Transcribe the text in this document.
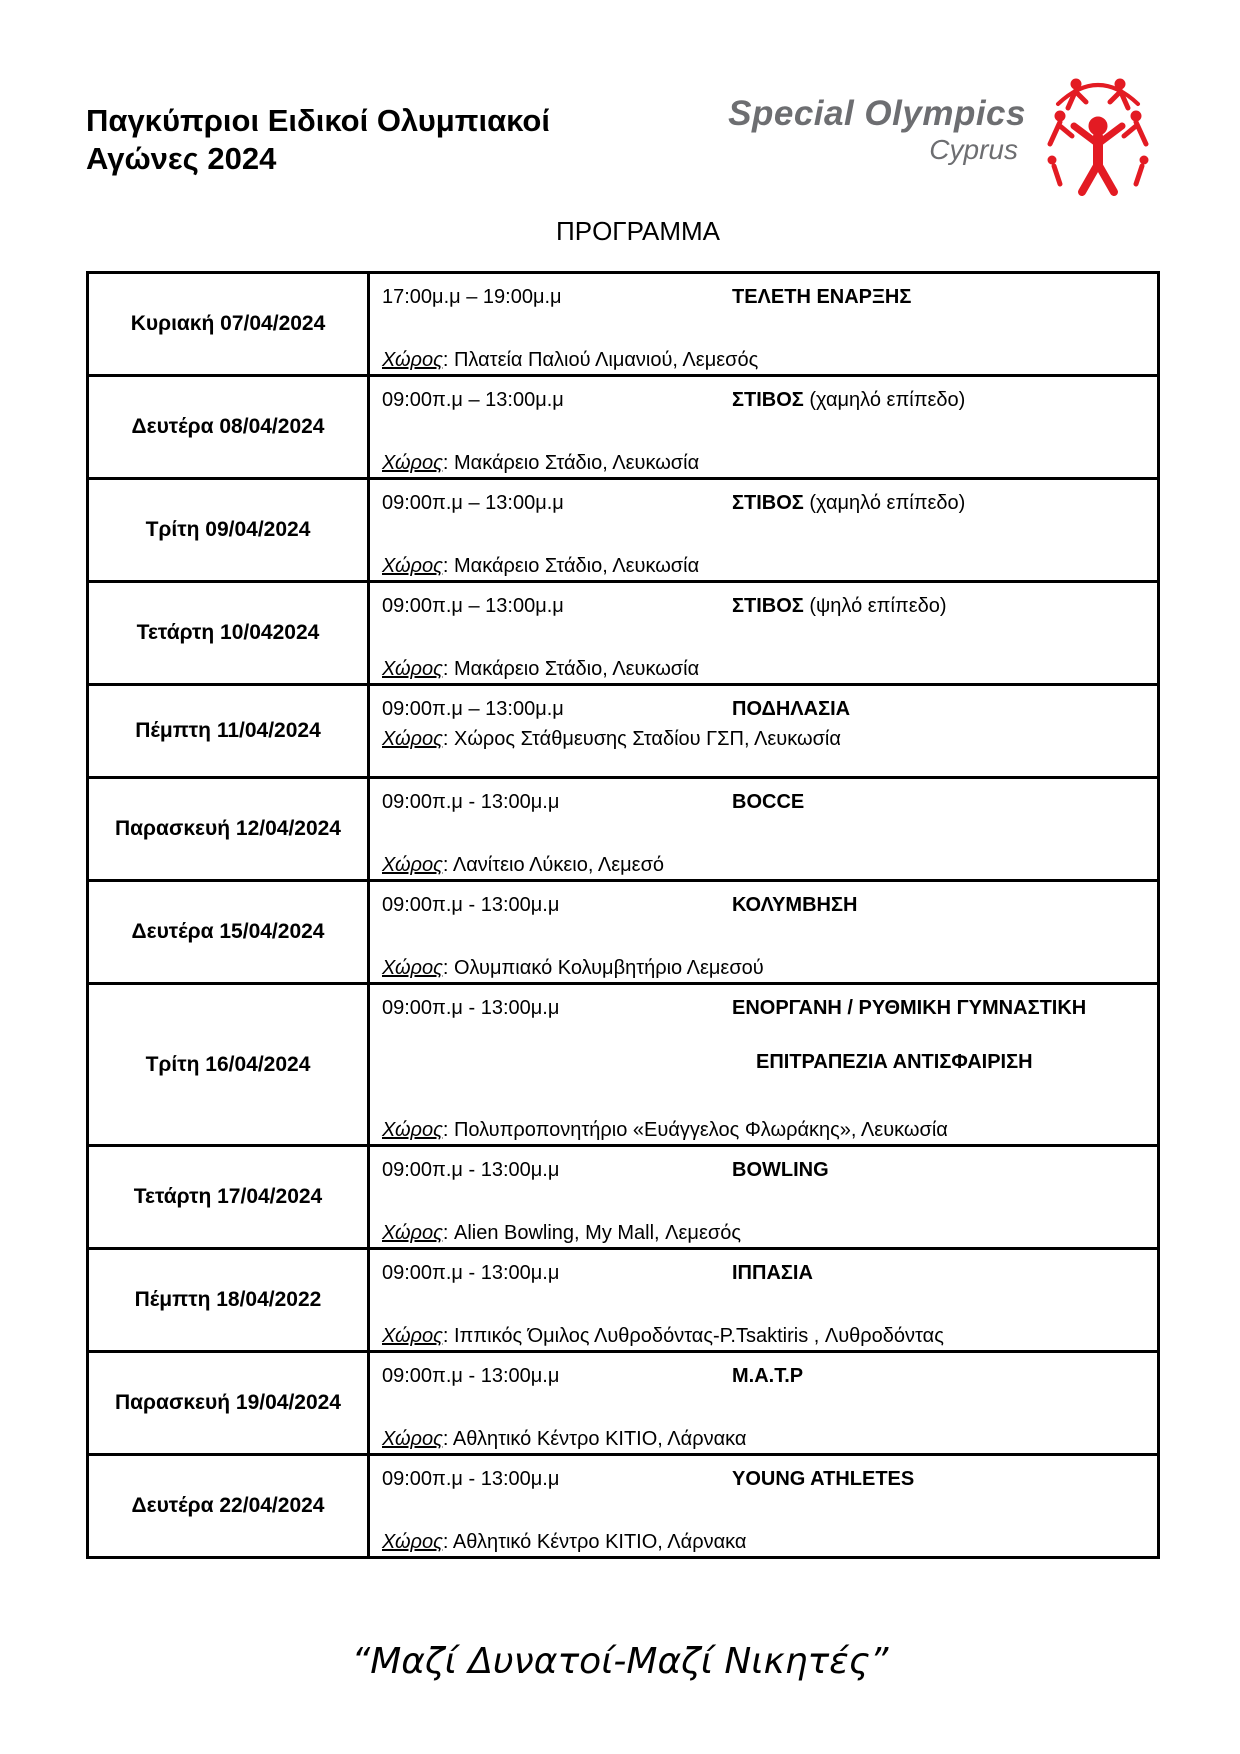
Παγκύπριοι Ειδικοί Ολυμπιακοί
Αγώνες 2024
Special Olympics
Cyprus
ΠΡΟΓΡΑΜΜΑ
Κυριακή 07/04/2024	17:00μ.μ – 19:00μ.μ ΤΕΛΕΤΗ ΕΝΑΡΞΗΣ
Χώρος: Πλατεία Παλιού Λιμανιού, Λεμεσός

Δευτέρα 08/04/2024	09:00π.μ – 13:00μ.μ ΣΤΙΒΟΣ (χαμηλό επίπεδο)
Χώρος: Μακάρειο Στάδιο, Λευκωσία

Τρίτη 09/04/2024	09:00π.μ – 13:00μ.μ ΣΤΙΒΟΣ (χαμηλό επίπεδο)
Χώρος: Μακάρειο Στάδιο, Λευκωσία

Τετάρτη 10/042024	09:00π.μ – 13:00μ.μ ΣΤΙΒΟΣ (ψηλό επίπεδο)
Χώρος: Μακάρειο Στάδιο, Λευκωσία

Πέμπτη 11/04/2024	09:00π.μ – 13:00μ.μ ΠΟΔΗΛΑΣΙΑ
Χώρος: Χώρος Στάθμευσης Σταδίου ΓΣΠ, Λευκωσία

Παρασκευή 12/04/2024	09:00π.μ - 13:00μ.μ BOCCE
Χώρος: Λανίτειο Λύκειο, Λεμεσό

Δευτέρα 15/04/2024	09:00π.μ - 13:00μ.μ ΚΟΛΥΜΒΗΣΗ
Χώρος: Ολυμπιακό Κολυμβητήριο Λεμεσού

Τρίτη 16/04/2024	09:00π.μ - 13:00μ.μ ΕΝΟΡΓΑΝΗ / ΡΥΘΜΙΚΗ ΓΥΜΝΑΣΤΙΚΗ
ΕΠΙΤΡΑΠΕΖΙΑ ΑΝΤΙΣΦΑΙΡΙΣΗ
Χώρος: Πολυπροπονητήριο «Ευάγγελος Φλωράκης», Λευκωσία

Τετάρτη 17/04/2024	09:00π.μ - 13:00μ.μ BOWLING
Χώρος: Alien Bowling, My Mall, Λεμεσός

Πέμπτη 18/04/2022	09:00π.μ - 13:00μ.μ ΙΠΠΑΣΙΑ
Χώρος: Ιππικός Όμιλος Λυθροδόντας-P.Tsaktiris , Λυθροδόντας

Παρασκευή 19/04/2024	09:00π.μ - 13:00μ.μ M.A.T.P
Χώρος: Αθλητικό Κέντρο ΚΙΤΙΟ, Λάρνακα

Δευτέρα 22/04/2024	09:00π.μ - 13:00μ.μ YOUNG ATHLETES
Χώρος: Αθλητικό Κέντρο ΚΙΤΙΟ, Λάρνακα
“Μαζί Δυνατοί-Μαζί Νικητές”
